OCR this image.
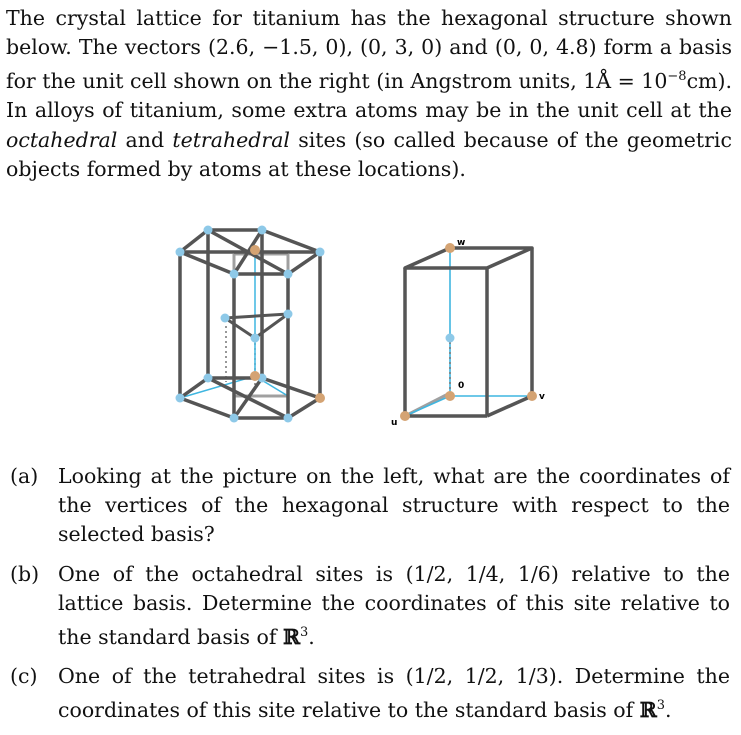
The crystal lattice for titanium has the hexagonal structure shown below. The vectors (2.6, −1.5, 0), (0, 3, 0) and (0, 0, 4.8) form a basis for the unit cell shown on the right (in Angstrom units, 1Å = $10^{-8}cm$). In alloys of titanium, some extra atoms may be in the unit cell at the octahedral and tetrahedral sites (so called because of the geometric objects formed by atoms at these locations).
w
0
u
v
(a) Looking at the picture on the left, what are the coordinates of the vertices of the hexagonal structure with respect to the selected basis?
(b) One of the octahedral sites is (1/2, 1/4, 1/6) relative to the lattice basis. Determine the coordinates of this site relative to the standard basis of ℝ$^3$.
(c)	One of the tetrahedral sites is (1/2, 1/2, 1/3). Determine the coordinates of this site relative to the standard basis of ℝ$^3$.
